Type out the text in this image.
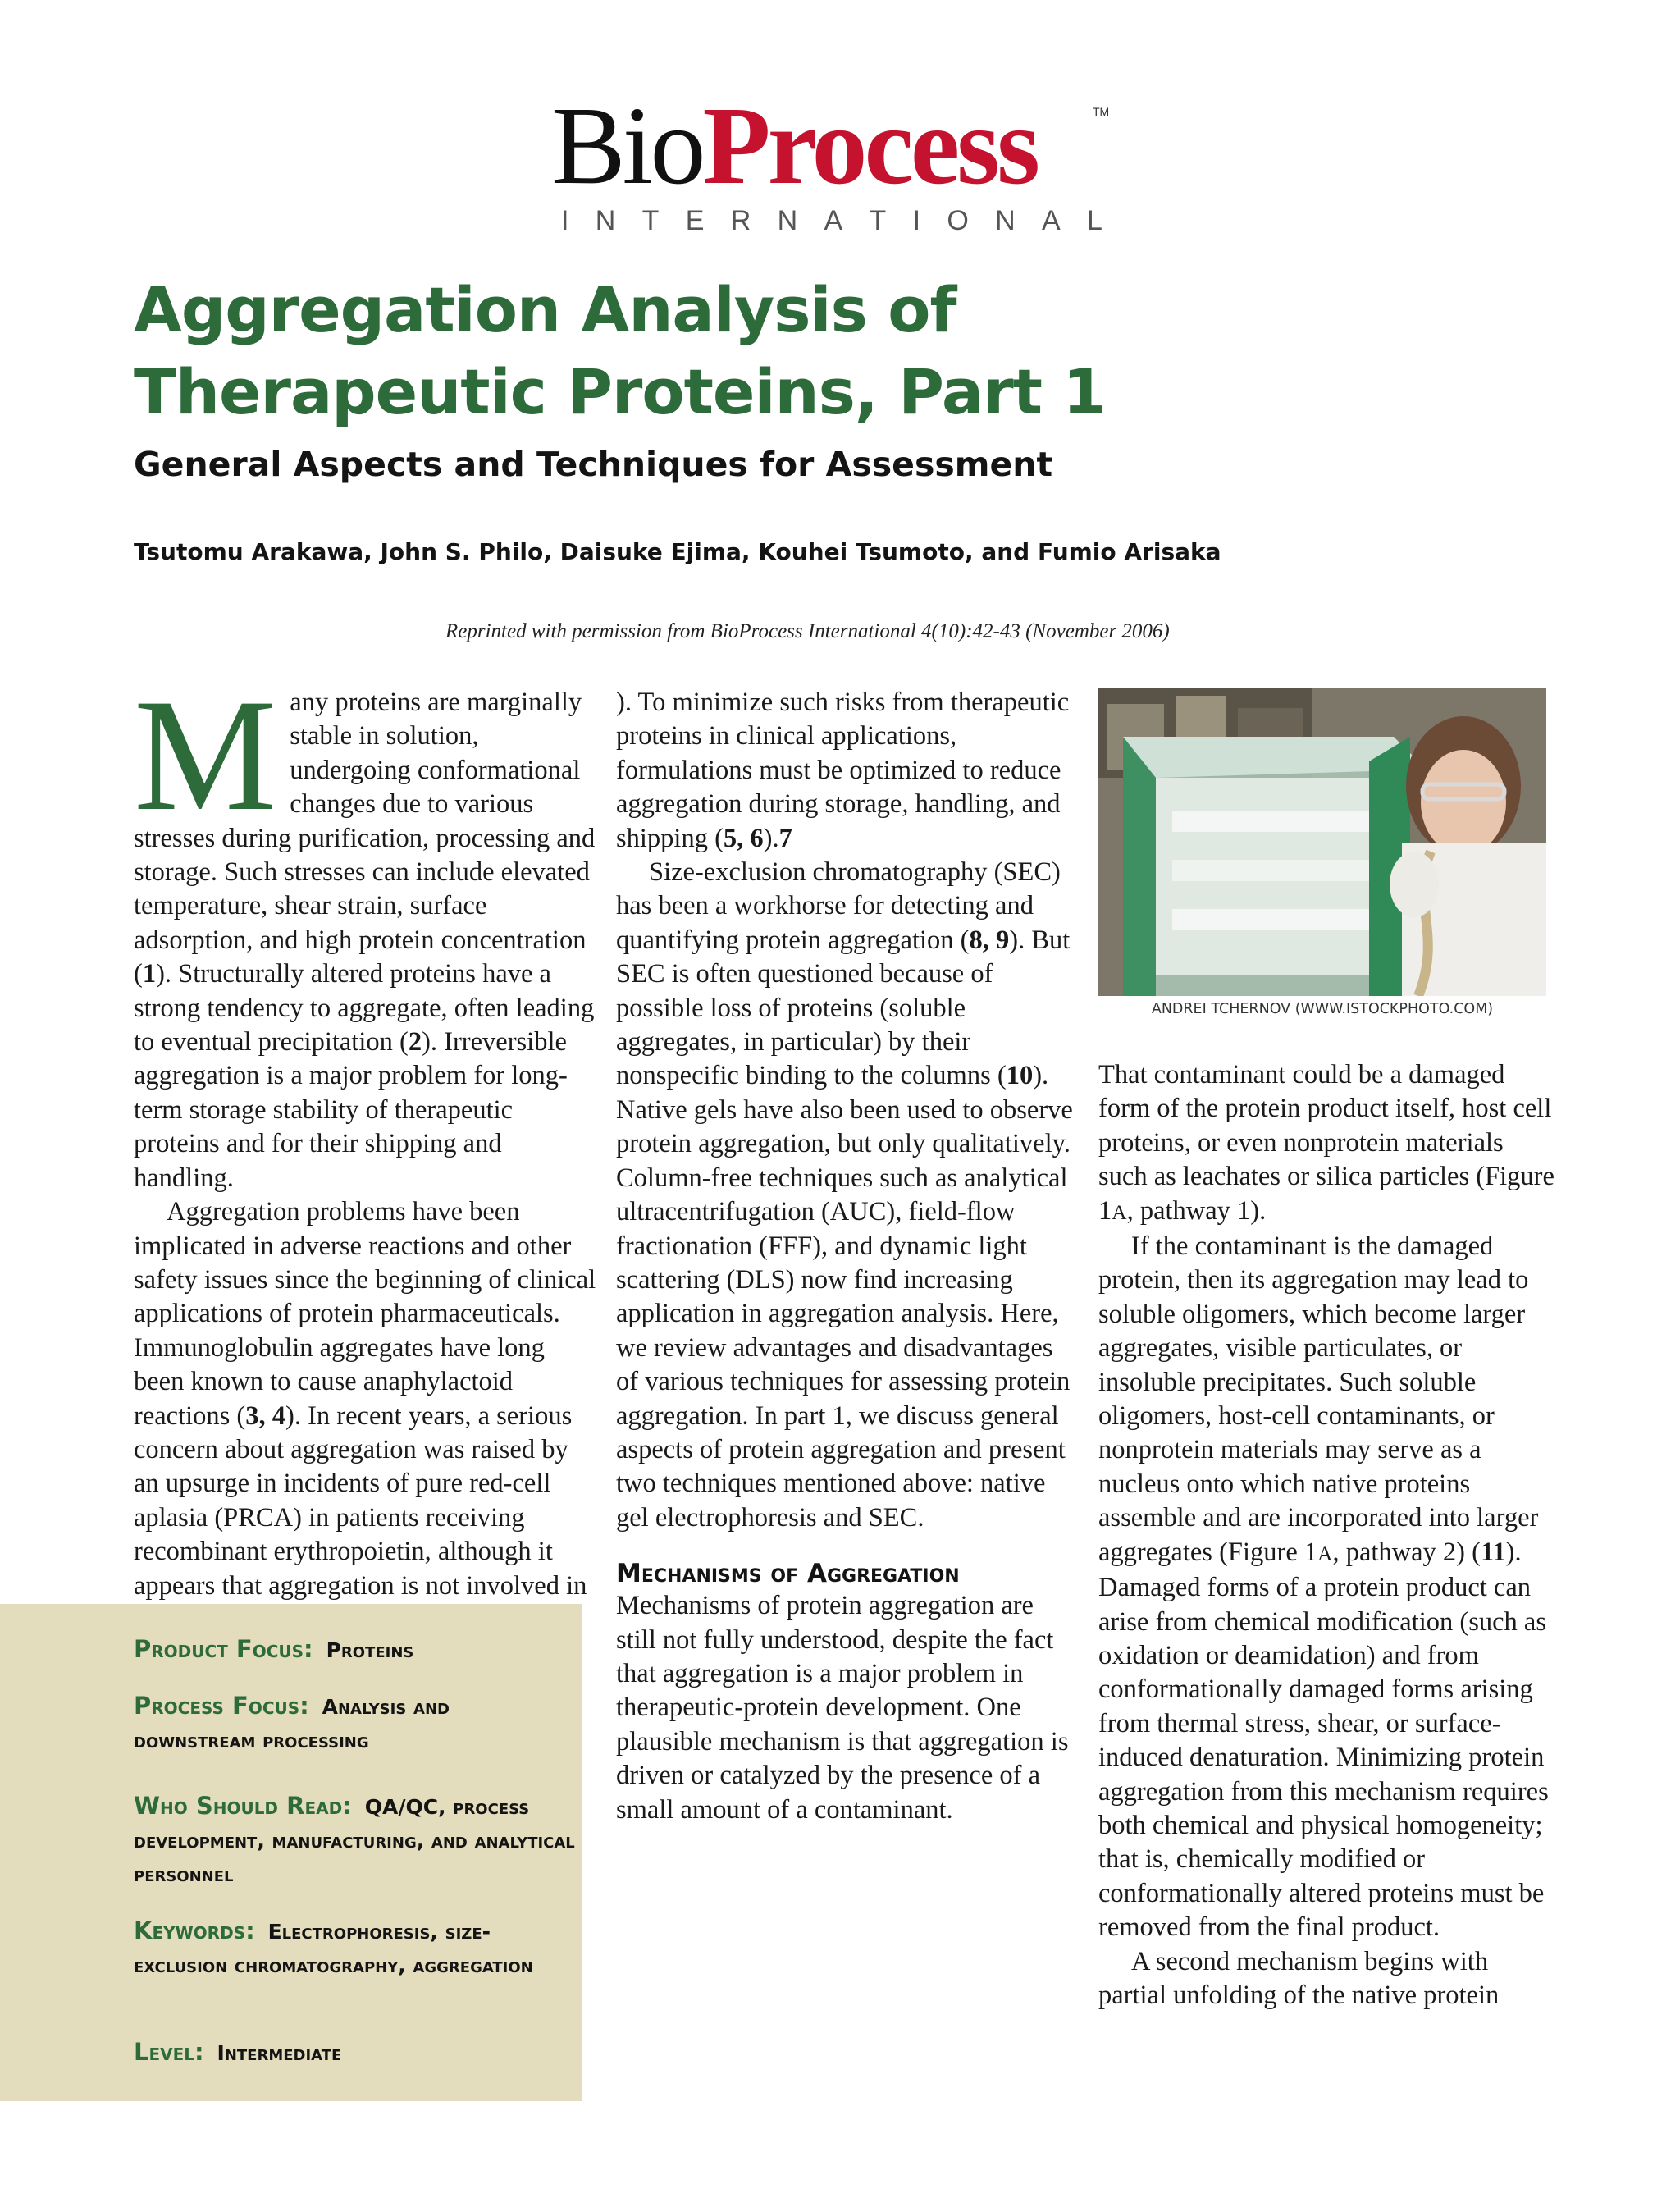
BioProcess	TM
I N T E R N A T I O N A L
Aggregation Analysis of Therapeutic Proteins, Part 1
General Aspects and Techniques for Assessment

Tsutomu Arakawa, John S. Philo, Daisuke Ejima, Kouhei Tsumoto, and Fumio Arisaka

Reprinted with permission from BioProcess International 4(10):42-43 (November 2006)

Many proteins are marginally stable in solution, undergoing conformational changes due to various stresses during purification, processing and storage. Such stresses can include elevated temperature, shear strain, surface adsorption, and high protein concentration (1). Structurally altered proteins have a strong tendency to aggregate, often leading to eventual precipitation (2). Irreversible aggregation is a major problem for long-term storage stability of therapeutic proteins and for their shipping and handling.

Aggregation problems have been implicated in adverse reactions and other safety issues since the beginning of clinical applications of protein pharmaceuticals. Immunoglobulin aggregates have long been known to cause anaphylactoid reactions (3, 4). In recent years, a serious concern about aggregation was raised by an upsurge in incidents of pure red-cell aplasia (PRCA) in patients receiving recombinant erythropoietin, although it appears that aggregation is not involved in

). To minimize such risks from therapeutic proteins in clinical applications, formulations must be optimized to reduce aggregation during storage, handling, and shipping (5, 6).7

Size-exclusion chromatography (SEC) has been a workhorse for detecting and quantifying protein aggregation (8, 9). But SEC is often questioned because of possible loss of proteins (soluble aggregates, in particular) by their nonspecific binding to the columns (10). Native gels have also been used to observe protein aggregation, but only qualitatively. Column-free techniques such as analytical ultracentrifugation (AUC), field-flow fractionation (FFF), and dynamic light scattering (DLS) now find increasing application in aggregation analysis. Here, we review advantages and disadvantages of various techniques for assessing protein aggregation. In part 1, we discuss general aspects of protein aggregation and present two techniques mentioned above: native gel electrophoresis and SEC.

Mechanisms of Aggregation

Mechanisms of protein aggregation are still not fully understood, despite the fact that aggregation is a major problem in therapeutic-protein development. One plausible mechanism is that aggregation is driven or catalyzed by the presence of a small amount of a contaminant.

ANDREI TCHERNOV (WWW.ISTOCKPHOTO.COM)

That contaminant could be a damaged form of the protein product itself, host cell proteins, or even nonprotein materials such as leachates or silica particles (Figure 1A, pathway 1).

If the contaminant is the damaged protein, then its aggregation may lead to soluble oligomers, which become larger aggregates, visible particulates, or insoluble precipitates. Such soluble oligomers, host-cell contaminants, or nonprotein materials may serve as a nucleus onto which native proteins assemble and are incorporated into larger aggregates (Figure 1A, pathway 2) (11). Damaged forms of a protein product can arise from chemical modification (such as oxidation or deamidation) and from conformationally damaged forms arising from thermal stress, shear, or surface-induced denaturation. Minimizing protein aggregation from this mechanism requires both chemical and physical homogeneity; that is, chemically modified or conformationally altered proteins must be removed from the final product.

A second mechanism begins with partial unfolding of the native protein

Product Focus: Proteins

Process Focus: Analysis and downstream processing

Who Should Read: QA/QC, process development, manufacturing, and analytical personnel

Keywords: Electrophoresis, size-exclusion chromatography, aggregation

Level: Intermediate
